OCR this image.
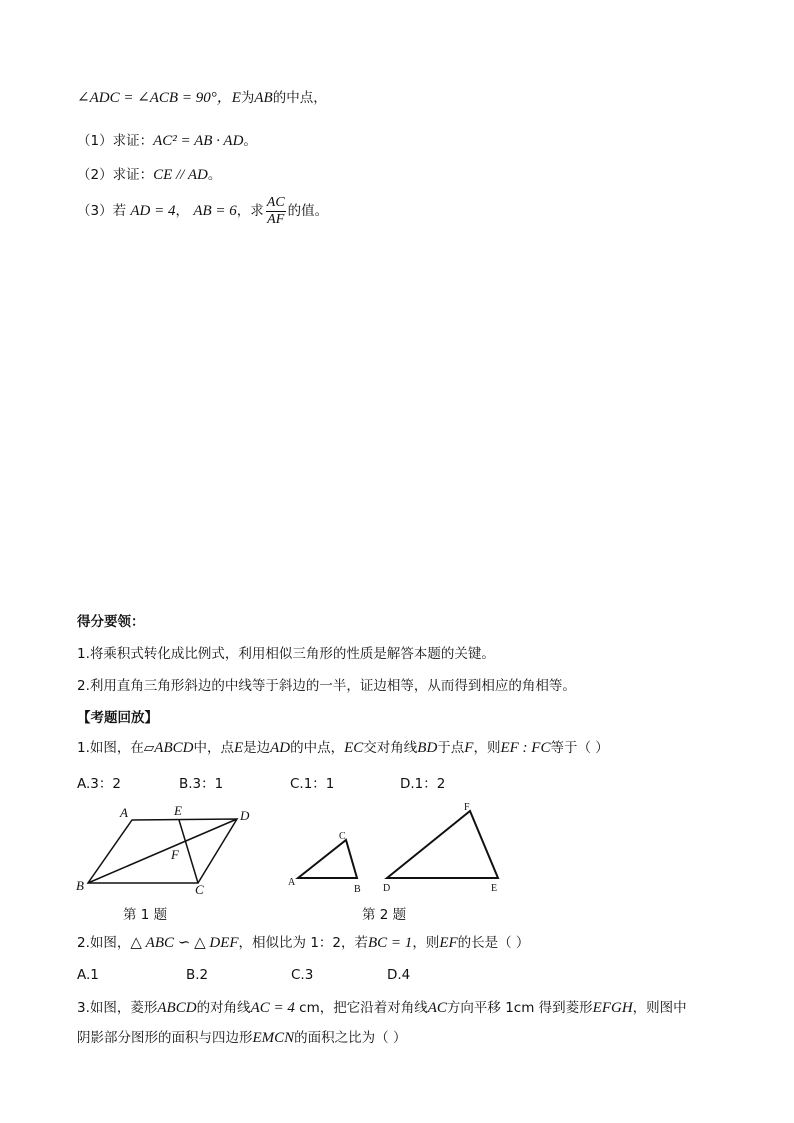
∠ADC = ∠ACB = 90°，E为AB的中点，
（1）求证：AC² = AB · AD。
（2）求证：CE // AD。
（3）若 AD = 4， AB = 6，求 $\frac{AC}{AF}$ 的值。
得分要领：
1.将乘积式转化成比例式，利用相似三角形的性质是解答本题的关键。
2.利用直角三角形斜边的中线等于斜边的一半，证边相等，从而得到相应的角相等。
【考题回放】
1.如图，在▱ABCD中，点E是边AD的中点，EC交对角线BD于点F，则EF : FC等于（ ）
A.3：2	B.3：1	C.1：1	D.1：2
A	E	D
F
B	C	A
B
C
D	E
F
第 1 题	第 2 题
2.如图，△ ABC ∽ △ DEF，相似比为 1：2，若BC = 1，则EF的长是（ ）
A.1	B.2	C.3	D.4
3.如图，菱形ABCD的对角线AC = 4 cm，把它沿着对角线AC方向平移 1cm 得到菱形EFGH，则图中
阴影部分图形的面积与四边形EMCN的面积之比为（ ）
